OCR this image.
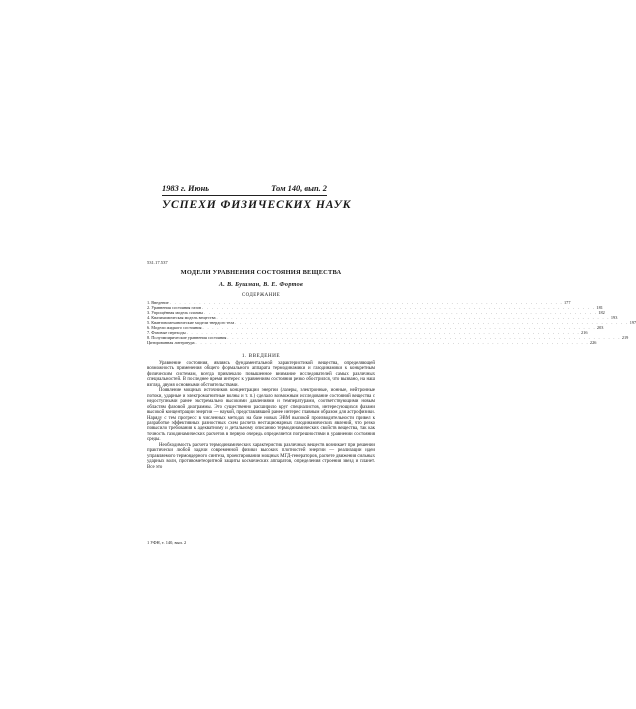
1983 г. Июнь	Том 140, вып. 2
УСПЕХИ ФИЗИЧЕСКИХ НАУК
531.17.537
МОДЕЛИ УРАВНЕНИЯ СОСТОЯНИЯ ВЕЩЕСТВА
А. В. Бушман, В. Е. Фортов
СОДЕРЖАНИЕ
1. Введение . . . . . . . . . . . . . . . . . . . . . . . . . . . . . . . . . . . . . . . . . . . . . . . . . . . . . . . . . . . . . . . . . . . . . . . . . . . . . . . . 177
2. Уравнения состояния газов . . . . . . . . . . . . . . . . . . . . . . . . . . . . . . . . . . . . . . . . . . . . . . . . . . . . . . . . . . . . . . . . . . . . . . . . . . . . . . . . 181
3. Упрощённая модель плазмы . . . . . . . . . . . . . . . . . . . . . . . . . . . . . . . . . . . . . . . . . . . . . . . . . . . . . . . . . . . . . . . . . . . . . . . . . . . . . . . . 182
4. Квазихимическая модель вещества . . . . . . . . . . . . . . . . . . . . . . . . . . . . . . . . . . . . . . . . . . . . . . . . . . . . . . . . . . . . . . . . . . . . . . . . . . . . . . . . 193
5. Квантовомеханические модели твердого тела . . . . . . . . . . . . . . . . . . . . . . . . . . . . . . . . . . . . . . . . . . . . . . . . . . . . . . . . . . . . . . . . . . . . . . . . . . . . . . . . 197
6. Модели жидкого состояния . . . . . . . . . . . . . . . . . . . . . . . . . . . . . . . . . . . . . . . . . . . . . . . . . . . . . . . . . . . . . . . . . . . . . . . . . . . . . . . . 203
7. Фазовые переходы . . . . . . . . . . . . . . . . . . . . . . . . . . . . . . . . . . . . . . . . . . . . . . . . . . . . . . . . . . . . . . . . . . . . . . . . . . . . . . . . 216
8. Полуэмпирические уравнения состояния . . . . . . . . . . . . . . . . . . . . . . . . . . . . . . . . . . . . . . . . . . . . . . . . . . . . . . . . . . . . . . . . . . . . . . . . . . . . . . . . 219
Цитированная литература . . . . . . . . . . . . . . . . . . . . . . . . . . . . . . . . . . . . . . . . . . . . . . . . . . . . . . . . . . . . . . . . . . . . . . . . . . . . . . . . 226
1. ВВЕДЕНИЕ

Уравнение состояния, являясь фундаментальной характеристикой вещества, определяющей возможность применения общего формального аппарата термодинамики и газодинамики к конкретным физическим системам, всегда привлекало повышенное внимание исследователей самых различных специальностей. В последнее время интерес к уравнениям состояния резко обострился, что вызвано, на наш взгляд, двумя основными обстоятельствами.

Появление мощных источников концентрации энергии (лазеры, электронные, ионные, нейтронные потоки, ударные и электромагнитные волны и т. п.) сделало возможным исследование состояний вещества с недоступными ранее экстремально высокими давлениями и температурами, соответствующими новым областям фазовой диаграммы. Это существенно расширило круг специалистов, интересующихся фазами высокой концентрации энергии — наукой, представлявшей ранее интерес главным образом для астрофизики. Наряду с тем прогресс в численных методах на базе новых ЭВМ высокой производительности привел к разработке эффективных разностных схем расчета нестационарных газодинамических явлений, что резко повысило требования к адекватному и детальному описанию термодинамических свойств вещества, так как точность газодинамических расчетов в первую очередь определяется погрешностями в уравнении состояния среды.

Необходимость расчета термодинамических характеристик различных веществ возникает при решении практически любой задачи современной физики высоких плотностей энергии — реализации идеи управляемого термоядерного синтеза, проектировании мощных МГД-генераторов, расчете движения сильных ударных волн, противометеоритной защиты космических аппаратов, определения строения звезд и планет. Все это

1 УФН, т. 140, вып. 2
